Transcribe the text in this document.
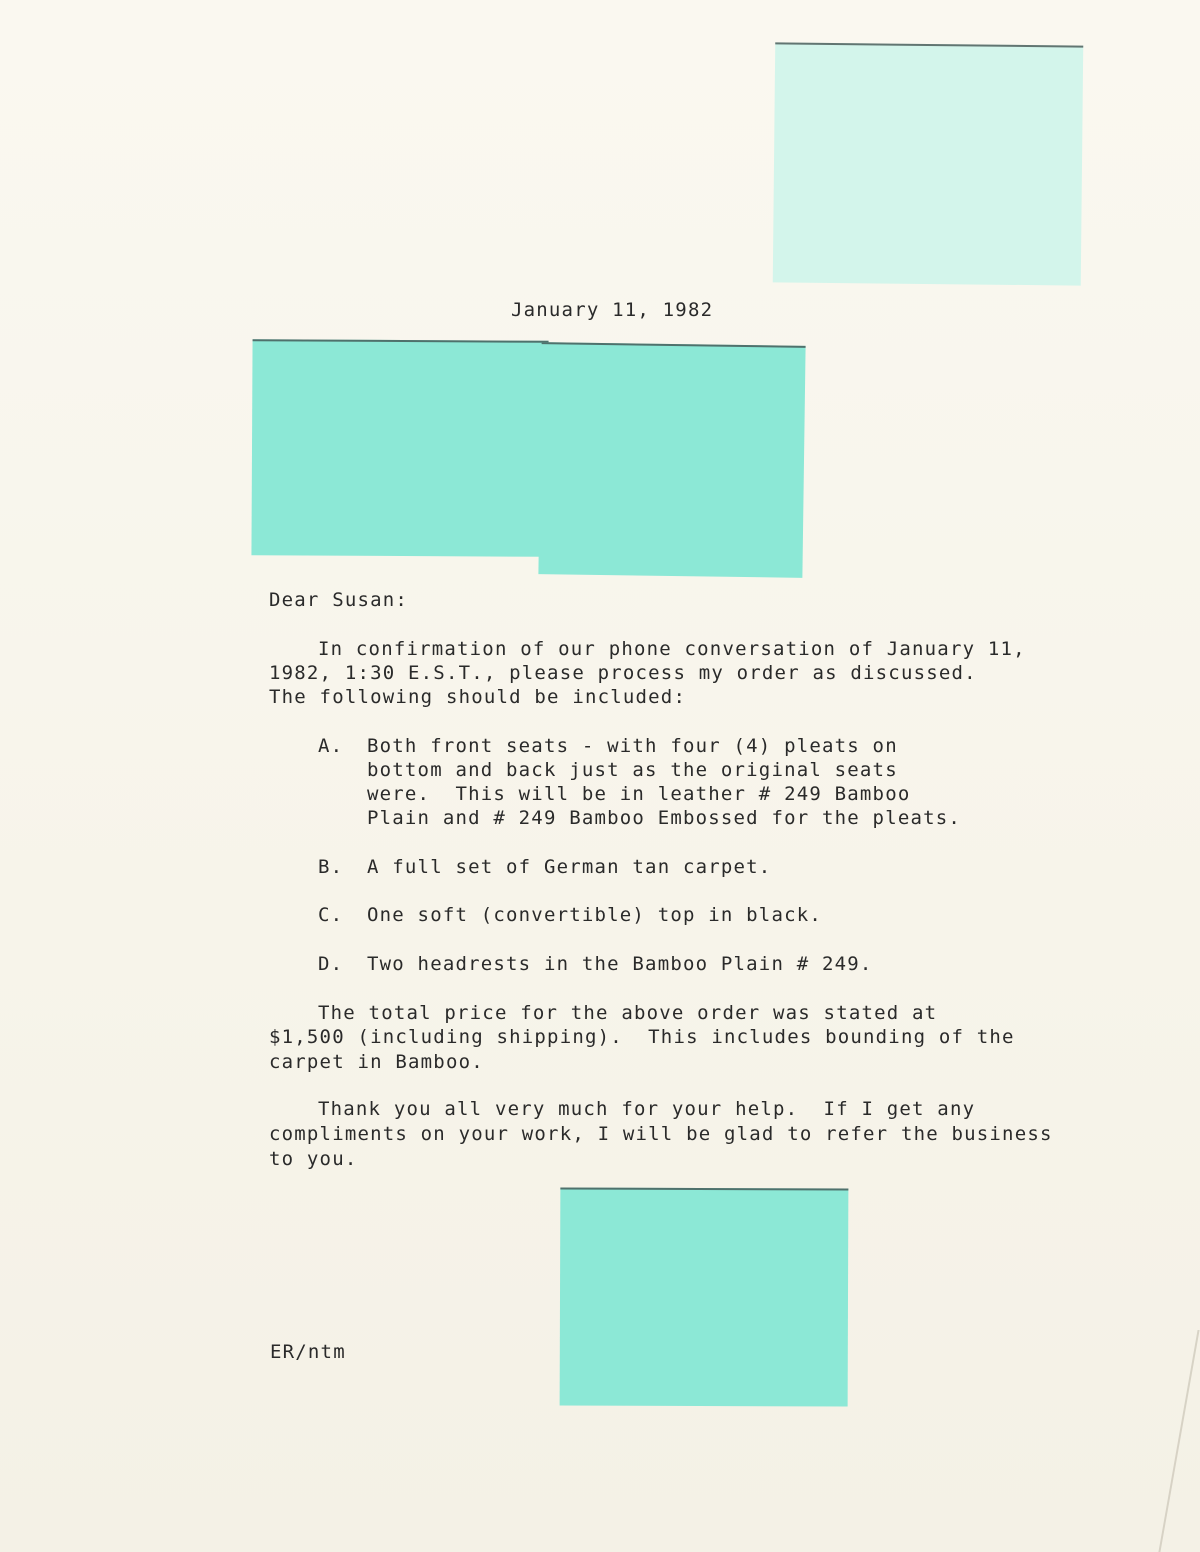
January 11, 1982
Dear Susan:
In confirmation of our phone conversation of January 11,
1982, 1:30 E.S.T., please process my order as discussed.
The following should be included:
A. Both front seats - with four (4) pleats on
bottom and back just as the original seats
were.  This will be in leather # 249 Bamboo
Plain and # 249 Bamboo Embossed for the pleats.
B. A full set of German tan carpet.
C. One soft (convertible) top in black.
D. Two headrests in the Bamboo Plain # 249.
The total price for the above order was stated at
$1,500 (including shipping).  This includes bounding of the
carpet in Bamboo.
Thank you all very much for your help.  If I get any
compliments on your work, I will be glad to refer the business
to you.
ER/ntm
